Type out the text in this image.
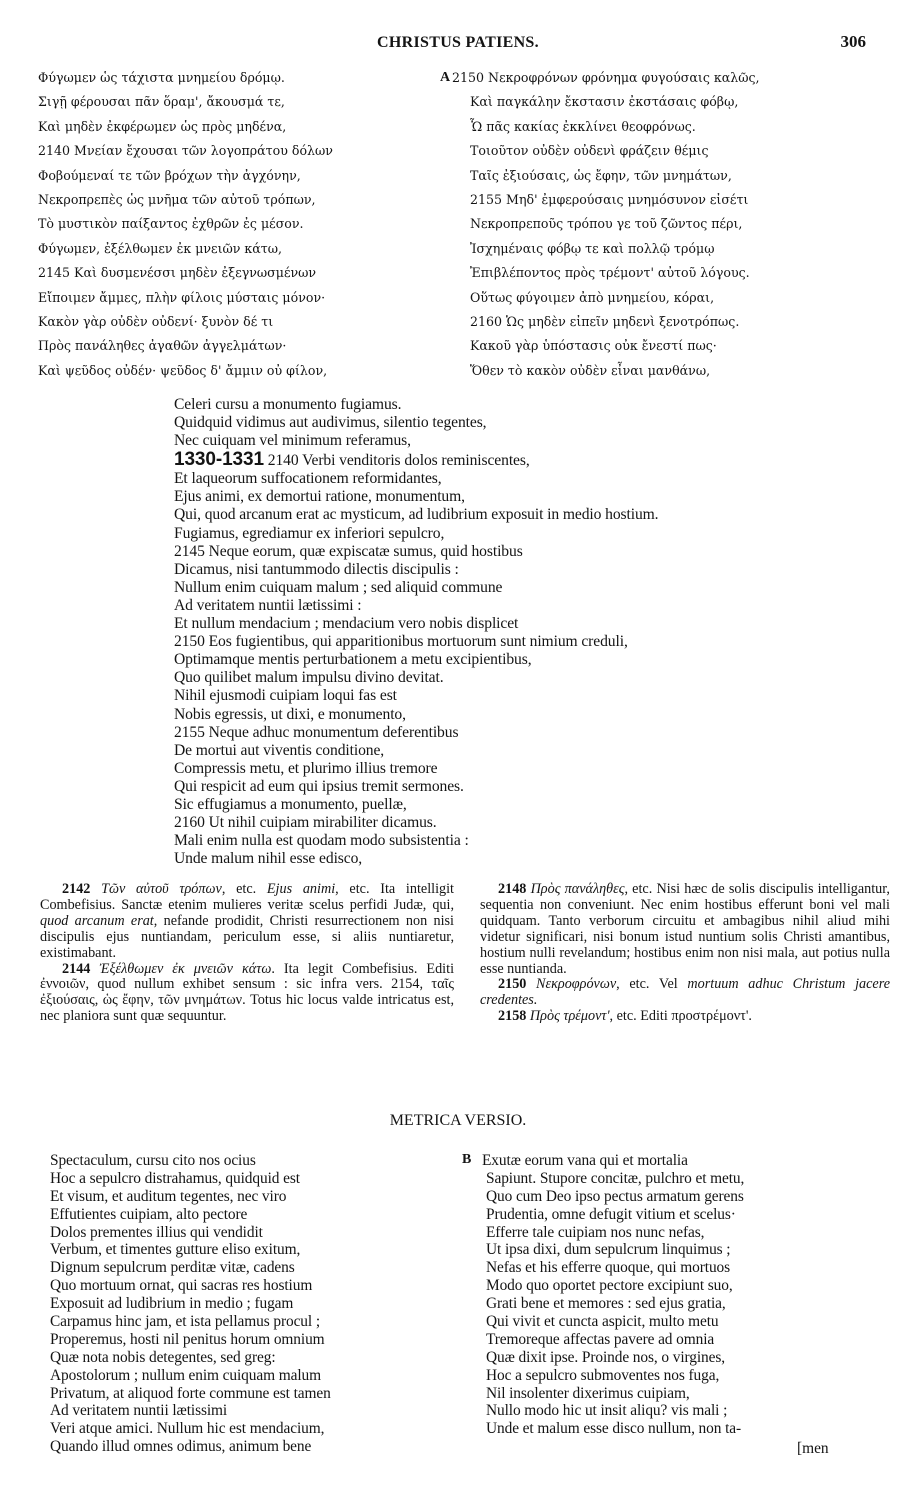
CHRISTUS PATIENS.	306
Φύγωμεν ὡς τάχιστα μνημείου δρόμῳ.
Σιγῇ φέρουσαι πᾶν ὅραμ', ἄκουσμά τε,
Καὶ μηδὲν ἐκφέρωμεν ὡς πρὸς μηδένα,
2140 Μνείαν ἔχουσαι τῶν λογοπράτου δόλων
Φοβούμεναί τε τῶν βρόχων τὴν ἀγχόνην,
Νεκροπρεπὲς ὡς μνῆμα τῶν αὐτοῦ τρόπων,
Τὸ μυστικὸν παίξαντος ἐχθρῶν ἐς μέσον.
Φύγωμεν, ἐξέλθωμεν ἐκ μνειῶν κάτω,
2145 Καὶ δυσμενέσσι μηδὲν ἐξεγνωσμένων
Εἴποιμεν ἄμμες, πλὴν φίλοις μύσταις μόνον·
Κακὸν γὰρ οὐδὲν οὐδενί· ξυνὸν δέ τι
Πρὸς πανάληθες ἀγαθῶν ἀγγελμάτων·
Καὶ ψεῦδος οὐδέν· ψεῦδος δ' ἄμμιν οὐ φίλον,
A 2150 Νεκροφρόνων φρόνημα φυγούσαις καλῶς,
Καὶ παγκάλην ἔκστασιν ἐκστάσαις φόβῳ,
Ὧ πᾶς κακίας ἐκκλίνει θεοφρόνως.
Τοιοῦτον οὐδὲν οὐδενὶ φράζειν θέμις
Ταῖς ἐξιούσαις, ὡς ἔφην, τῶν μνημάτων,
2155 Μηδ' ἐμφερούσαις μνημόσυνον εἰσέτι
Νεκροπρεποῦς τρόπου γε τοῦ ζῶντος πέρι,
Ἰσχημέναις φόβῳ τε καὶ πολλῷ τρόμῳ
Ἐπιβλέποντος πρὸς τρέμοντ' αὐτοῦ λόγους.
Οὕτως φύγοιμεν ἀπὸ μνημείου, κόραι,
2160 Ὡς μηδὲν εἰπεῖν μηδενὶ ξενοτρόπως.
Κακοῦ γὰρ ὑπόστασις οὐκ ἔνεστί πως·
Ὅθεν τὸ κακὸν οὐδὲν εἶναι μανθάνω,
Celeri cursu a monumento fugiamus.
Quidquid vidimus aut audivimus, silentio tegentes,
Nec cuiquam vel minimum referamus,
1330-1331 2140 Verbi venditoris dolos reminiscentes,
Et laqueorum suffocationem reformidantes,
Ejus animi, ex demortui ratione, monumentum,
Qui, quod arcanum erat ac mysticum, ad ludibrium exposuit in medio hostium.
Fugiamus, egrediamur ex inferiori sepulcro,
2145 Neque eorum, quæ expiscatæ sumus, quid hostibus
Dicamus, nisi tantummodo dilectis discipulis :
Nullum enim cuiquam malum ; sed aliquid commune
Ad veritatem nuntii lætissimi :
Et nullum mendacium ; mendacium vero nobis displicet
2150 Eos fugientibus, qui apparitionibus mortuorum sunt nimium creduli,
Optimamque mentis perturbationem a metu excipientibus,
Quo quilibet malum impulsu divino devitat.
Nihil ejusmodi cuipiam loqui fas est
Nobis egressis, ut dixi, e monumento,
2155 Neque adhuc monumentum deferentibus
De mortui aut viventis conditione,
Compressis metu, et plurimo illius tremore
Qui respicit ad eum qui ipsius tremit sermones.
Sic effugiamus a monumento, puellæ,
2160 Ut nihil cuipiam mirabiliter dicamus.
Mali enim nulla est quodam modo subsistentia :
Unde malum nihil esse edisco,

2142 Τῶν αὐτοῦ τρόπων, etc. Ejus animi, etc. Ita intelligit Combefisius. Sanctæ etenim mulieres veritæ scelus perfidi Judæ, qui, quod arcanum erat, nefande prodidit, Christi resurrectionem non nisi discipulis ejus nuntiandam, periculum esse, si aliis nuntiaretur, existimabant.

2144 Ἐξέλθωμεν ἐκ μνειῶν κάτω. Ita legit Combefisius. Editi ἐννοιῶν, quod nullum exhibet sensum : sic infra vers. 2154, ταῖς ἐξιούσαις, ὡς ἔφην, τῶν μνημάτων. Totus hic locus valde intricatus est, nec planiora sunt quæ sequuntur.

2148 Πρὸς πανάληθες, etc. Nisi hæc de solis discipulis intelligantur, sequentia non conveniunt. Nec enim hostibus efferunt boni vel mali quidquam. Tanto verborum circuitu et ambagibus nihil aliud mihi videtur significari, nisi bonum istud nuntium solis Christi amantibus, hostium nulli revelandum; hostibus enim non nisi mala, aut potius nulla esse nuntianda.

2150 Νεκροφρόνων, etc. Vel mortuum adhuc Christum jacere credentes.

2158 Πρὸς τρέμοντ', etc. Editi προστρέμοντ'.

METRICA VERSIO.
Spectaculum, cursu cito nos ocius
Hoc a sepulcro distrahamus, quidquid est
Et visum, et auditum tegentes, nec viro
Effutientes cuipiam, alto pectore
Dolos prementes illius qui vendidit
Verbum, et timentes gutture eliso exitum,
Dignum sepulcrum perditæ vitæ, cadens
Quo mortuum ornat, qui sacras res hostium
Exposuit ad ludibrium in medio ; fugam
Carpamus hinc jam, et ista pellamus procul ;
Properemus, hosti nil penitus horum omnium
Quæ nota nobis detegentes, sed greg:
Apostolorum ; nullum enim cuiquam malum
Privatum, at aliquod forte commune est tamen
Ad veritatem nuntii lætissimi
Veri atque amici. Nullum hic est mendacium,
Quando illud omnes odimus, animum bene
B Exutæ eorum vana qui et mortalia
Sapiunt. Stupore concitæ, pulchro et metu,
Quo cum Deo ipso pectus armatum gerens
Prudentia, omne defugit vitium et scelus·
Efferre tale cuipiam nos nunc nefas,
Ut ipsa dixi, dum sepulcrum linquimus ;
Nefas et his efferre quoque, qui mortuos
Modo quo oportet pectore excipiunt suo,
Grati bene et memores : sed ejus gratia,
Qui vivit et cuncta aspicit, multo metu
Tremoreque affectas pavere ad omnia
Quæ dixit ipse. Proinde nos, o virgines,
Hoc a sepulcro submoventes nos fuga,
Nil insolenter dixerimus cuipiam,
Nullo modo hic ut insit aliqu? vis mali ;
Unde et malum esse disco nullum, non ta-
[men
